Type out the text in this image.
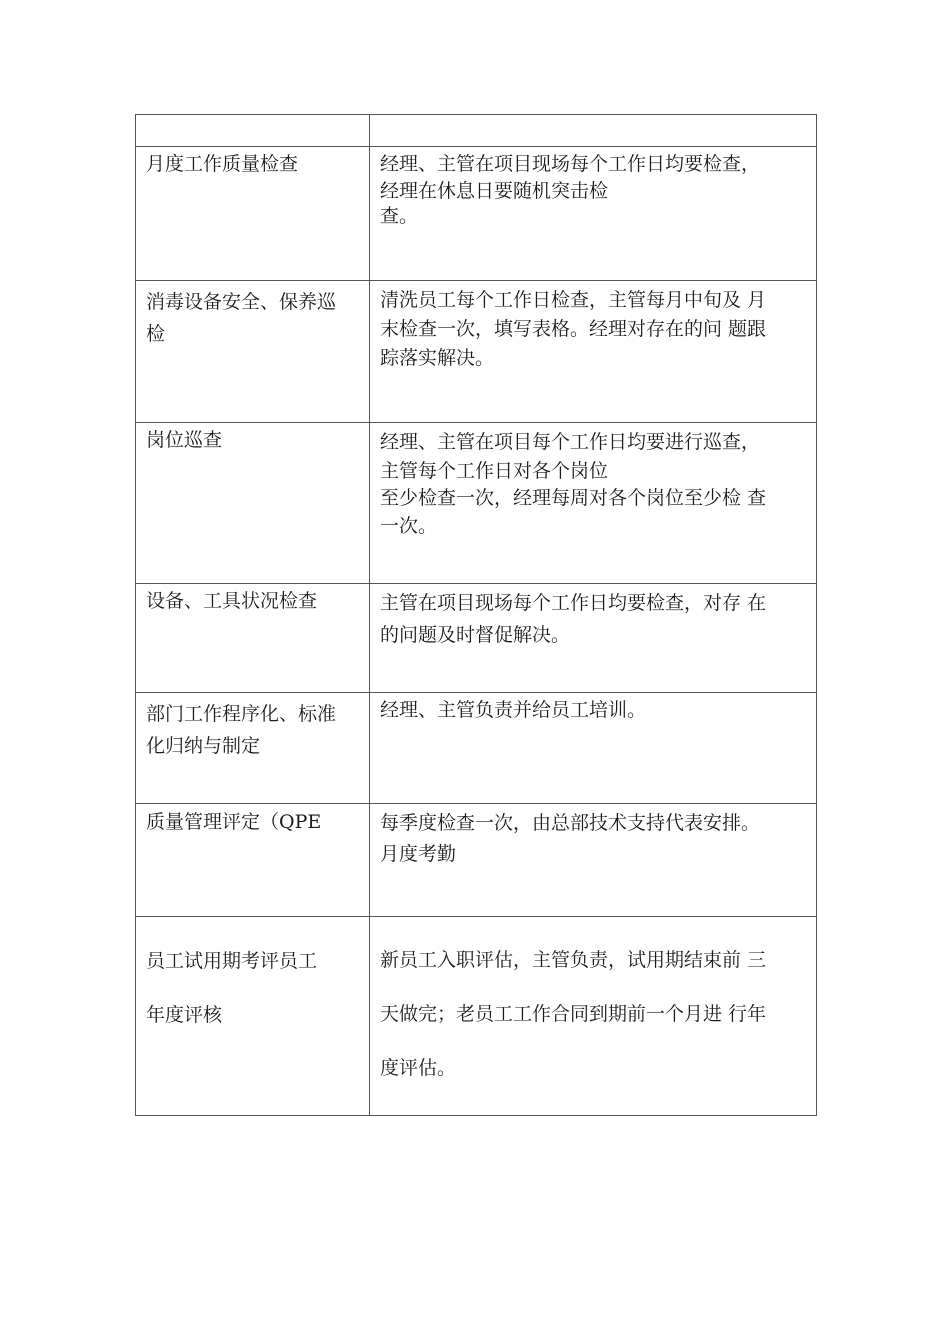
月度工作质量检查	经理、主管在项目现场每个工作日均要检查，
经理在休息日要随机突击检
查。

消毒设备安全、保养巡
检	清洗员工每个工作日检查，主管每月中旬及 月
末检查一次，填写表格。经理对存在的问 题跟
踪落实解决。

岗位巡查	经理、主管在项目每个工作日均要进行巡查，
主管每个工作日对各个岗位
至少检查一次，经理每周对各个岗位至少检 查
一次。

设备、工具状况检查	主管在项目现场每个工作日均要检查，对存 在
的问题及时督促解决。

部门工作程序化、标准
化归纳与制定	经理、主管负责并给员工培训。

质量管理评定（QPE	每季度检查一次，由总部技术支持代表安排。
月度考勤

员工试用期考评员工
年度评核	新员工入职评估，主管负责，试用期结束前 三
天做完；老员工工作合同到期前一个月进 行年
度评估。
